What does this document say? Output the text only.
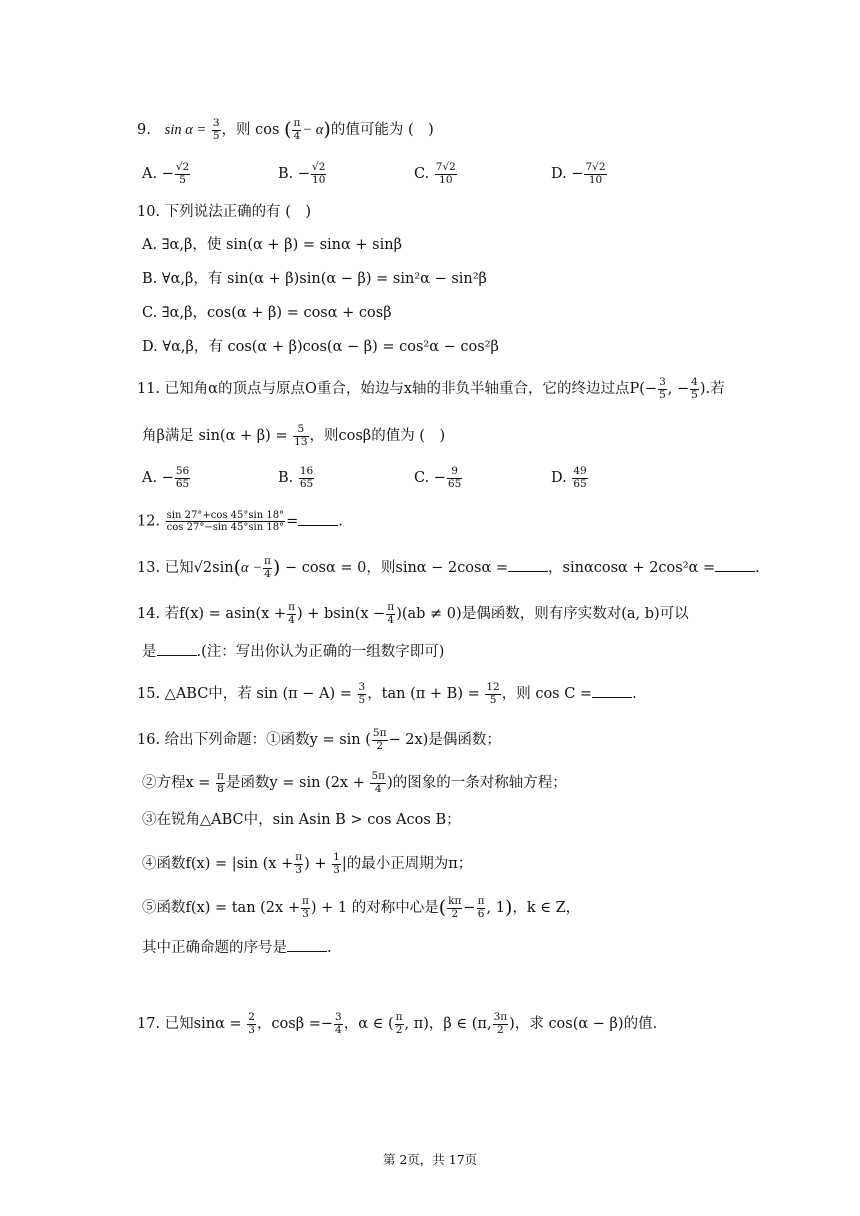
9. $\sin \alpha = \frac{3}{5}$ ，则 cos ( $\frac{\pi}{4} - \alpha$)的值可能为 (　)
A. − $\frac{√2}{5}$	B. − $\frac{√2}{10}$	C. $\frac{7√2}{10}$	D. − $\frac{7√2}{10}$
10. 下列说法正确的有 (　)
A. ∃α,β，使 sin(α + β) = sinα + sinβ
B. ∀α,β，有 sin(α + β)sin(α − β) = sin²α − sin²β
C. ∃α,β，cos(α + β) = cosα + cosβ
D. ∀α,β，有 cos(α + β)cos(α − β) = cos²α − cos²β
11. 已知角α的顶点与原点O重合，始边与x轴的非负半轴重合，它的终边过点$P(- \frac{3}{5}$ , − $\frac{4}{5}$ ).若
角β满足 $\sin(\alpha + \beta) = \frac{5}{13}$ ，则cosβ的值为 (　)
A. − $\frac{56}{65}$	B. $\frac{16}{65}$	C. − $\frac{9}{65}$	D. $\frac{49}{65}$
12. $\frac{\sin 27^\circ+\cos 45^\circ\sin 18^\circ}{\cos 27^\circ-\sin 45^\circ\sin 18^\circ}$ =	.
13. 已知$√2\sin(\alpha - \frac{\pi}{4}$ ) − cosα = 0，则sinα − 2cosα =	，sinαcosα + 2cos²α =	.
14. 若$f(x) = asin(x + \frac{\pi}{4}$ ) + $bsin(x - \frac{\pi}{4} )(ab \ne 0)$是偶函数，则有序实数对(a, b)可以
是	.(注：写出你认为正确的一组数字即可)
15. △ABC中，若 $\sin (\pi - A) = \frac{3}{5}$ ，$\tan (\pi + B) = \frac{12}{5}$ ，则 cos C =	.
16. 给出下列命题：①函数y = sin ( $\frac{5\pi}{2} - 2x$)是偶函数；
②方程$x = \frac{\pi}{8}$ 是函数$y = \sin (2x + \frac{5\pi}{4}$ )的图象的一条对称轴方程；
③在锐角△ABC中，sin Asin B > cos Acos B；
④函数f(x) = |sin ($x + \frac{\pi}{3}$ ) + $\frac{1}{3}$ |的最小正周期为π；
⑤函数$f(x) = \tan (2x + \frac{\pi}{3}$ ) + 1 的对称中心是( $\frac{k\pi}{2} - \frac{\pi}{6}$ , 1)，k ∈ Z，
其中正确命题的序号是	.
17. 已知$\sin\alpha = \frac{2}{3}$ ，$\cos\beta =- \frac{3}{4}$ ，α ∈ ( $\frac{\pi}{2}$ , π)，β ∈ (π, $\frac{3\pi}{2}$ )，求 cos(α − β)的值.
第 2页，共 17页
